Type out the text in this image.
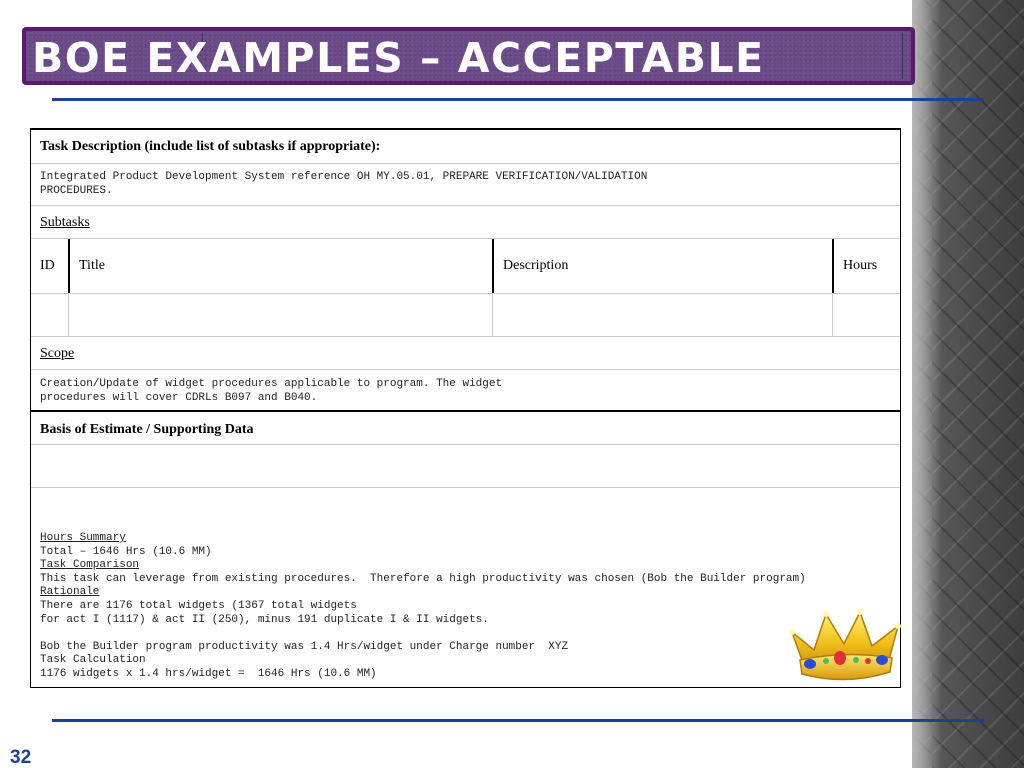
BOE EXAMPLES – ACCEPTABLE
Task Description (include list of subtasks if appropriate):
Integrated Product Development System reference OH MY.05.01, PREPARE VERIFICATION/VALIDATION
PROCEDURES.
Subtasks
ID	Title	Description	Hours
Scope
Creation/Update of widget procedures applicable to program. The widget
procedures will cover CDRLs B097 and B040.
Basis of Estimate / Supporting Data
Hours Summary
Total – 1646 Hrs (10.6 MM)
Task Comparison
This task can leverage from existing procedures.  Therefore a high productivity was chosen (Bob the Builder program)
Rationale
There are 1176 total widgets (1367 total widgets
for act I (1117) & act II (250), minus 191 duplicate I & II widgets.

Bob the Builder program productivity was 1.4 Hrs/widget under Charge number  XYZ
Task Calculation
1176 widgets x 1.4 hrs/widget =  1646 Hrs (10.6 MM)
32
